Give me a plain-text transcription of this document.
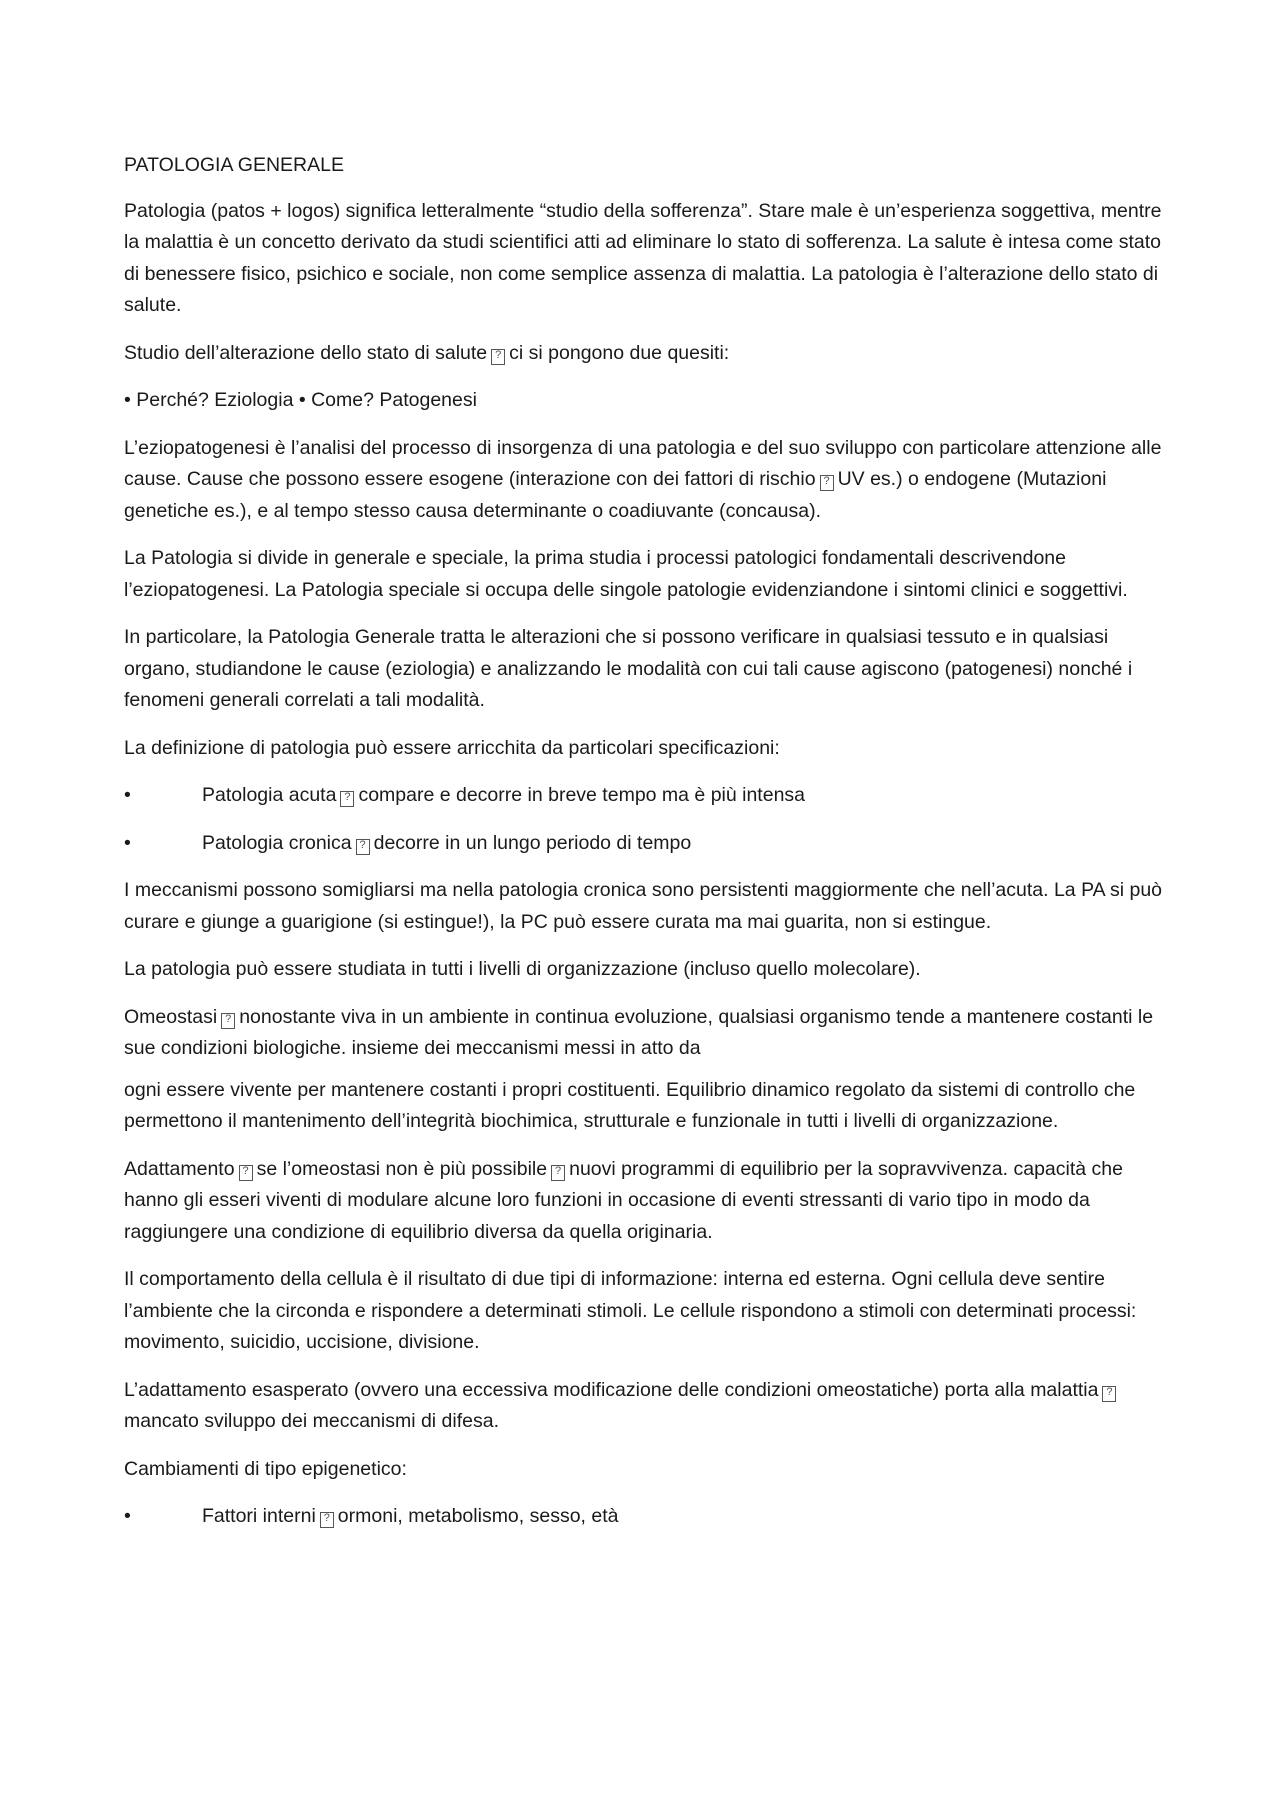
PATOLOGIA GENERALE

Patologia (patos + logos) significa letteralmente “studio della sofferenza”. Stare male è un’esperienza soggettiva, mentre la malattia è un concetto derivato da studi scientifici atti ad eliminare lo stato di sofferenza. La salute è intesa come stato di benessere fisico, psichico e sociale, non come semplice assenza di malattia. La patologia è l’alterazione dello stato di salute.

Studio dell’alterazione dello stato di salute ? ci si pongono due quesiti:

• Perché? Eziologia • Come? Patogenesi

L’eziopatogenesi è l’analisi del processo di insorgenza di una patologia e del suo sviluppo con particolare attenzione alle cause. Cause che possono essere esogene (interazione con dei fattori di rischio ? UV es.) o endogene (Mutazioni genetiche es.), e al tempo stesso causa determinante o coadiuvante (concausa).

La Patologia si divide in generale e speciale, la prima studia i processi patologici fondamentali descrivendone l’eziopatogenesi. La Patologia speciale si occupa delle singole patologie evidenziandone i sintomi clinici e soggettivi.

In particolare, la Patologia Generale tratta le alterazioni che si possono verificare in qualsiasi tessuto e in qualsiasi organo, studiandone le cause (eziologia) e analizzando le modalità con cui tali cause agiscono (patogenesi) nonché i fenomeni generali correlati a tali modalità.

La definizione di patologia può essere arricchita da particolari specificazioni:

•	Patologia acuta ? compare e decorre in breve tempo ma è più intensa
•	Patologia cronica ? decorre in un lungo periodo di tempo

I meccanismi possono somigliarsi ma nella patologia cronica sono persistenti maggiormente che nell’acuta. La PA si può curare e giunge a guarigione (si estingue!), la PC può essere curata ma mai guarita, non si estingue.

La patologia può essere studiata in tutti i livelli di organizzazione (incluso quello molecolare).

Omeostasi ? nonostante viva in un ambiente in continua evoluzione, qualsiasi organismo tende a mantenere costanti le sue condizioni biologiche. insieme dei meccanismi messi in atto da

ogni essere vivente per mantenere costanti i propri costituenti. Equilibrio dinamico regolato da sistemi di controllo che permettono il mantenimento dell’integrità biochimica, strutturale e funzionale in tutti i livelli di organizzazione.

Adattamento ? se l’omeostasi non è più possibile ? nuovi programmi di equilibrio per la sopravvivenza. capacità che hanno gli esseri viventi di modulare alcune loro funzioni in occasione di eventi stressanti di vario tipo in modo da raggiungere una condizione di equilibrio diversa da quella originaria.

Il comportamento della cellula è il risultato di due tipi di informazione: interna ed esterna. Ogni cellula deve sentire l’ambiente che la circonda e rispondere a determinati stimoli. Le cellule rispondono a stimoli con determinati processi: movimento, suicidio, uccisione, divisione.

L’adattamento esasperato (ovvero una eccessiva modificazione delle condizioni omeostatiche) porta alla malattia ?mancato sviluppo dei meccanismi di difesa.

Cambiamenti di tipo epigenetico:

•	Fattori interni ? ormoni, metabolismo, sesso, età
